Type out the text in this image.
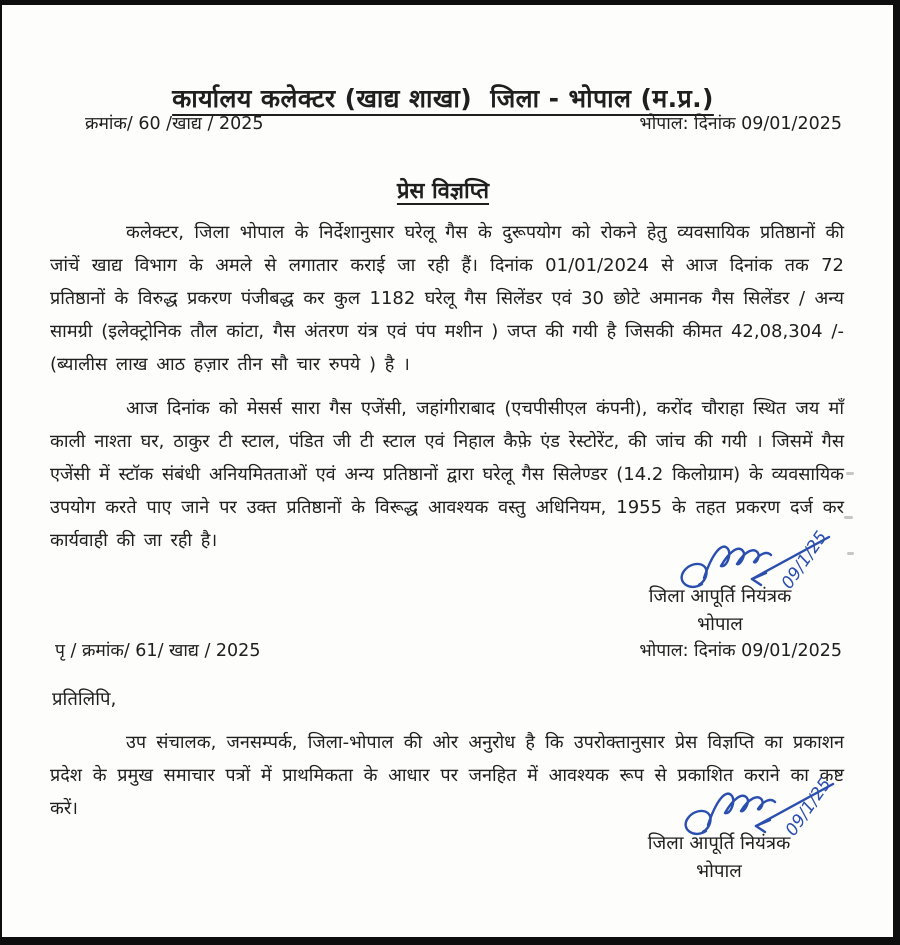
कार्यालय कलेक्टर (खाद्य शाखा)  जिला - भोपाल (म.प्र.)
क्रमांक/ 60 /खाद्य / 2025	भोपाल: दिनांक 09/01/2025
प्रेस विज्ञप्ति

कलेक्टर, जिला भोपाल के निर्देशानुसार घरेलू गैस के दुरूपयोग को रोकने हेतु व्यवसायिक प्रतिष्ठानों की जांचें खाद्य विभाग के अमले से लगातार कराई जा रही हैं। दिनांक 01/01/2024 से आज दिनांक तक 72 प्रतिष्ठानों के विरुद्ध प्रकरण पंजीबद्ध कर कुल 1182 घरेलू गैस सिलेंडर एवं 30 छोटे अमानक गैस सिलेंडर / अन्य सामग्री (इलेक्ट्रोनिक तौल कांटा, गैस अंतरण यंत्र एवं पंप मशीन ) जप्त की गयी है जिसकी कीमत 42,08,304 /- (ब्यालीस लाख आठ हज़ार तीन सौ चार रुपये ) है ।

आज दिनांक को मेसर्स सारा गैस एजेंसी, जहांगीराबाद (एचपीसीएल कंपनी), करोंद चौराहा स्थित जय माँ काली नाश्ता घर, ठाकुर टी स्टाल, पंडित जी टी स्टाल एवं निहाल कैफ़े एंड रेस्टोरेंट, की जांच की गयी । जिसमें गैस एजेंसी में स्टॉक संबंधी अनियमितताओं एवं अन्य प्रतिष्ठानों द्वारा घरेलू गैस सिलेण्डर (14.2 किलोग्राम) के व्यवसायिक उपयोग करते पाए जाने पर उक्त प्रतिष्ठानों के विरूद्ध आवश्यक वस्तु अधिनियम, 1955 के तहत प्रकरण दर्ज कर कार्यवाही की जा रही है।	09/1/25
जिला आपूर्ति नियंत्रक
भोपाल
पृ / क्रमांक/ 61/ खाद्य / 2025	भोपाल: दिनांक 09/01/2025
प्रतिलिपि,

उप संचालक, जनसम्पर्क, जिला-भोपाल की ओर अनुरोध है कि उपरोक्तानुसार प्रेस विज्ञप्ति का प्रकाशन प्रदेश के प्रमुख समाचार पत्रों में प्राथमिकता के आधार पर जनहित में आवश्यक रूप से प्रकाशित कराने का कष्ट करें।	09/1/25
जिला आपूर्ति नियंत्रक
भोपाल
